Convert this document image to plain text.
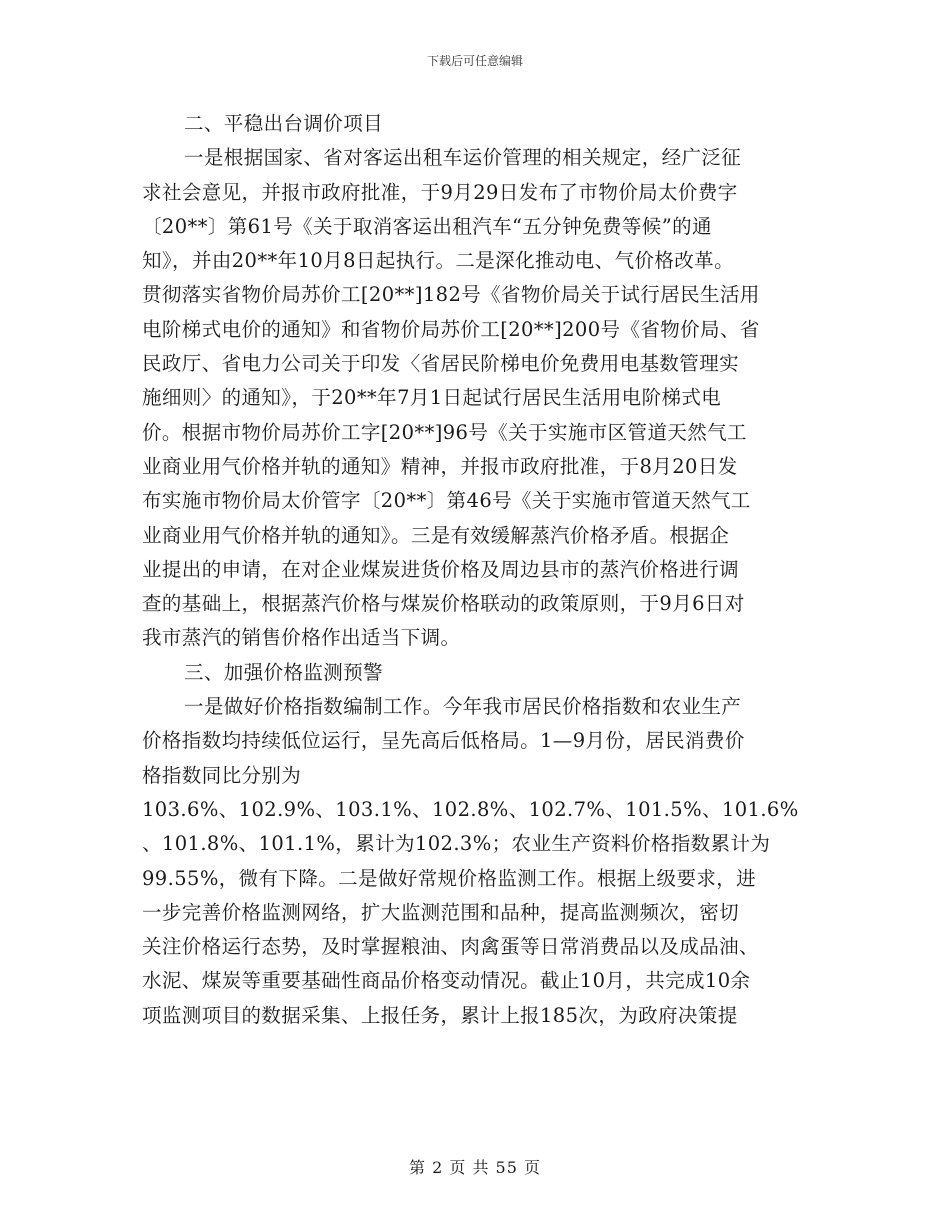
下载后可任意编辑
二、平稳出台调价项目
一是根据国家、省对客运出租车运价管理的相关规定，经广泛征
求社会意见，并报市政府批准，于9月29日发布了市物价局太价费字
〔20**〕第61号《关于取消客运出租汽车“五分钟免费等候”的通
知》，并由20**年10月8日起执行。二是深化推动电、气价格改革。
贯彻落实省物价局苏价工[20**]182号《省物价局关于试行居民生活用
电阶梯式电价的通知》和省物价局苏价工[20**]200号《省物价局、省
民政厅、省电力公司关于印发〈省居民阶梯电价免费用电基数管理实
施细则〉的通知》，于20**年7月1日起试行居民生活用电阶梯式电
价。根据市物价局苏价工字[20**]96号《关于实施市区管道天然气工
业商业用气价格并轨的通知》精神，并报市政府批准，于8月20日发
布实施市物价局太价管字〔20**〕第46号《关于实施市管道天然气工
业商业用气价格并轨的通知》。三是有效缓解蒸汽价格矛盾。根据企
业提出的申请，在对企业煤炭进货价格及周边县市的蒸汽价格进行调
查的基础上，根据蒸汽价格与煤炭价格联动的政策原则，于9月6日对
我市蒸汽的销售价格作出适当下调。
三、加强价格监测预警
一是做好价格指数编制工作。今年我市居民价格指数和农业生产
价格指数均持续低位运行，呈先高后低格局。1—9月份，居民消费价
格指数同比分别为
103.6%、102.9%、103.1%、102.8%、102.7%、101.5%、101.6%
、101.8%、101.1%，累计为102.3%；农业生产资料价格指数累计为
99.55%，微有下降。二是做好常规价格监测工作。根据上级要求，进
一步完善价格监测网络，扩大监测范围和品种，提高监测频次，密切
关注价格运行态势，及时掌握粮油、肉禽蛋等日常消费品以及成品油、
水泥、煤炭等重要基础性商品价格变动情况。截止10月，共完成10余
项监测项目的数据采集、上报任务，累计上报185次，为政府决策提
第 2 页 共 55 页
